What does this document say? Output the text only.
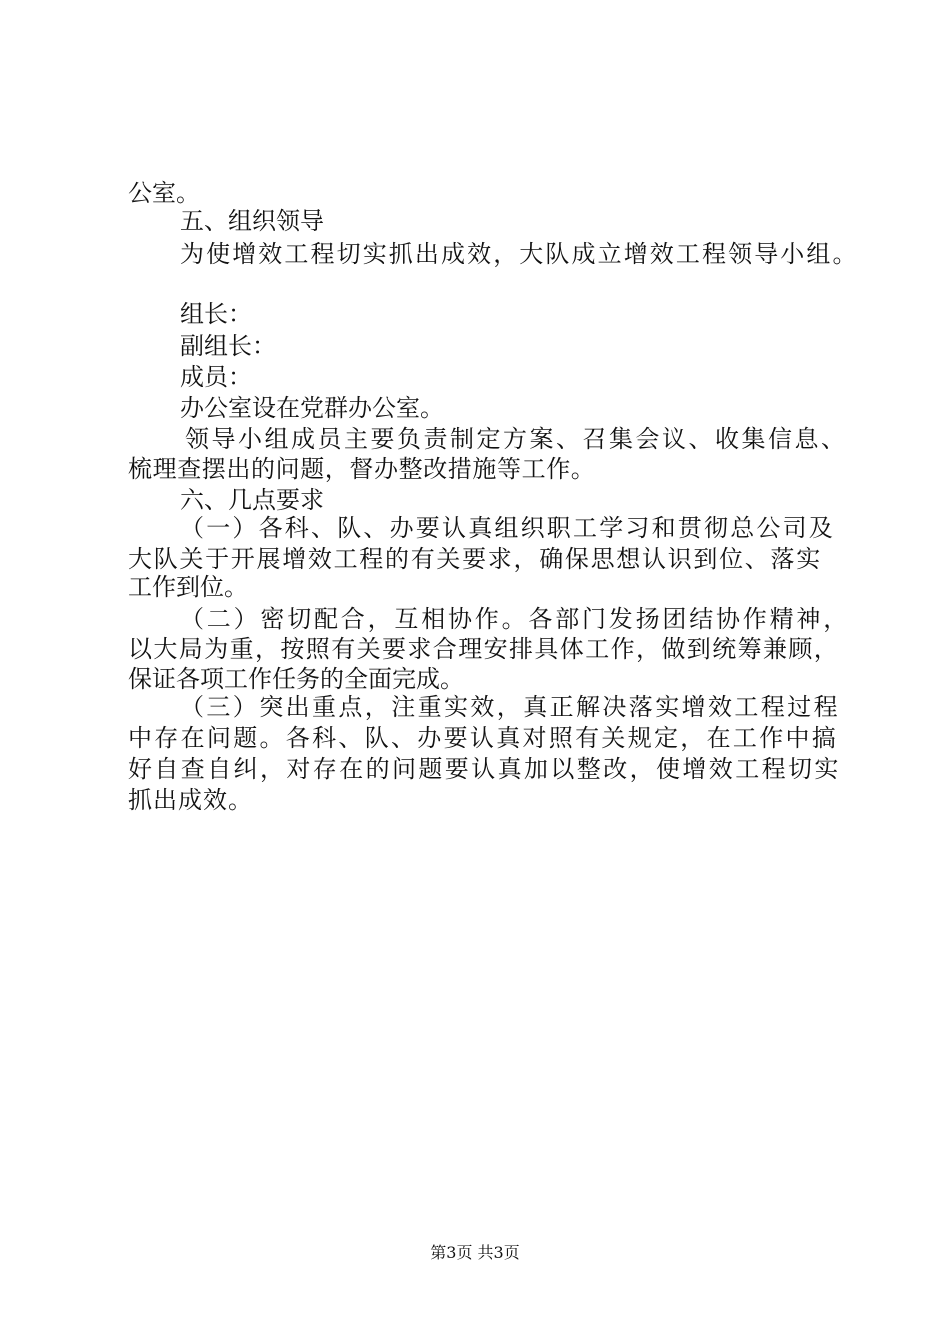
公室。
五、组织领导
为使增效工程切实抓出成效，大队成立增效工程领导小组。
组长：
副组长：
成员：
办公室设在党群办公室。
领导小组成员主要负责制定方案、召集会议、收集信息、
梳理查摆出的问题，督办整改措施等工作。
六、几点要求
（一）各科、队、办要认真组织职工学习和贯彻总公司及
大队关于开展增效工程的有关要求，确保思想认识到位、落实
工作到位。
（二）密切配合，互相协作。各部门发扬团结协作精神，
以大局为重，按照有关要求合理安排具体工作，做到统筹兼顾，
保证各项工作任务的全面完成。
（三）突出重点，注重实效，真正解决落实增效工程过程
中存在问题。各科、队、办要认真对照有关规定，在工作中搞
好自查自纠，对存在的问题要认真加以整改，使增效工程切实
抓出成效。
第3页 共3页
